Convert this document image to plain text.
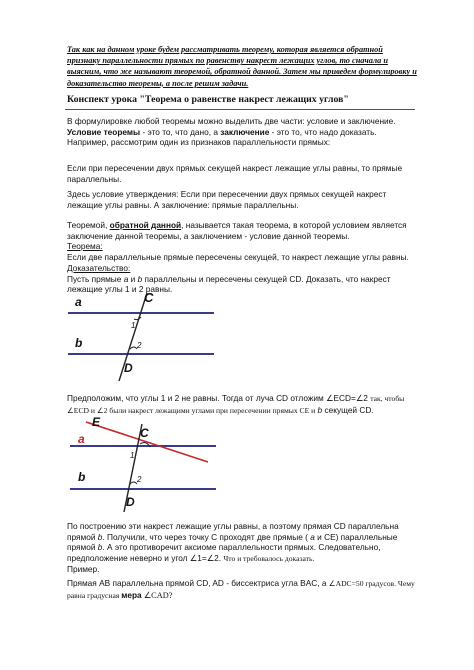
Так как на данном уроке будем рассматривать теорему, которая является обратной признаку параллельности прямых по равенству накрест лежащих углов, то сначала и выясним, что же называют теоремой, обратной данной. Затем мы приведем формулировку и доказательство теоремы, а после решим задачи.
Конспект урока "Теорема о равенстве накрест лежащих углов"
В формулировке любой теоремы можно выделить две части: условие и заключение. Условие теоремы - это то, что дано, а заключение - это то, что надо доказать.
Например, рассмотрим один из признаков параллельности прямых:
Если при пересечении двух прямых секущей накрест лежащие углы равны, то прямые параллельны.
Здесь условие утверждения: Если при пересечении двух прямых секущей накрест лежащие углы равны. А заключение: прямые параллельны.
Теоремой, обратной данной, называется такая теорема, в которой условием является заключение данной теоремы, а заключением - условие данной теоремы.
Теорема:
Если две параллельные прямые пересечены секущей, то накрест лежащие углы равны.
Доказательство:
Пусть прямые a и b параллельны и пересечены секущей CD. Доказать, что накрест лежащие углы 1 и 2 равны.
a
b
C
D
1
2
Предположим, что углы 1 и 2 не равны. Тогда от луча CD отложим ∠ECD=∠2 так, чтобы ∠ECD и ∠2 были накрест лежащими углами при пересечении прямых CE и b секущей CD.
E
a
b
C
D
1
2
По построению эти накрест лежащие углы равны, а поэтому прямая CD параллельна прямой b. Получили, что через точку C проходят две прямые ( a и CE) параллельные прямой b. А это противоречит аксиоме параллельности прямых. Следовательно, предположение неверно и угол ∠1=∠2. Что и требовалось доказать.
Пример.
Прямая AB параллельна прямой CD, AD - биссектриса угла BAC, а ∠ADC=50 градусов. Чему равна градусная мера ∠CAD?
